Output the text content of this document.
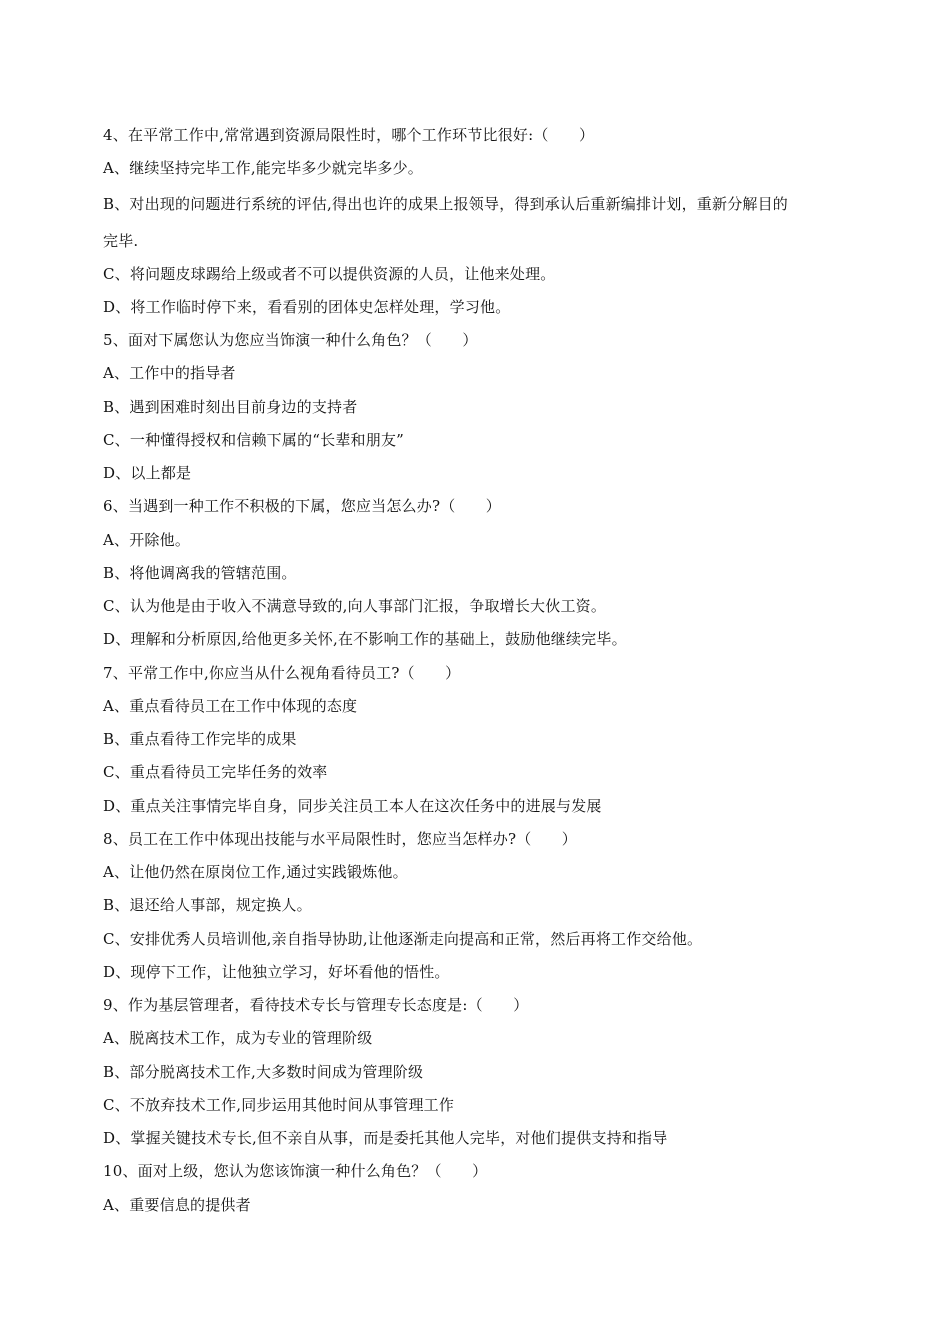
4、在平常工作中,常常遇到资源局限性时，哪个工作环节比很好:（　　）
A、继续坚持完毕工作,能完毕多少就完毕多少。
B、对出现的问题进行系统的评估,得出也许的成果上报领导，得到承认后重新编排计划，重新分解目的
完毕.
C、将问题皮球踢给上级或者不可以提供资源的人员，让他来处理。
D、将工作临时停下来，看看别的团体史怎样处理，学习他。
5、面对下属您认为您应当饰演一种什么角色？（　　）
A、工作中的指导者
B、遇到困难时刻出目前身边的支持者
C、一种懂得授权和信赖下属的“长辈和朋友”
D、以上都是
6、当遇到一种工作不积极的下属，您应当怎么办?（　　）
A、开除他。
B、将他调离我的管辖范围。
C、认为他是由于收入不满意导致的,向人事部门汇报，争取增长大伙工资。
D、理解和分析原因,给他更多关怀,在不影响工作的基础上，鼓励他继续完毕。
7、平常工作中,你应当从什么视角看待员工?（　　）
A、重点看待员工在工作中体现的态度
B、重点看待工作完毕的成果
C、重点看待员工完毕任务的效率
D、重点关注事情完毕自身，同步关注员工本人在这次任务中的进展与发展
8、员工在工作中体现出技能与水平局限性时，您应当怎样办?（　　）
A、让他仍然在原岗位工作,通过实践锻炼他。
B、退还给人事部，规定换人。
C、安排优秀人员培训他,亲自指导协助,让他逐渐走向提高和正常，然后再将工作交给他。
D、现停下工作，让他独立学习，好坏看他的悟性。
9、作为基层管理者，看待技术专长与管理专长态度是:（　　）
A、脱离技术工作，成为专业的管理阶级
B、部分脱离技术工作,大多数时间成为管理阶级
C、不放弃技术工作,同步运用其他时间从事管理工作
D、掌握关键技术专长,但不亲自从事，而是委托其他人完毕，对他们提供支持和指导
10、面对上级，您认为您该饰演一种什么角色？（　　）
A、重要信息的提供者
